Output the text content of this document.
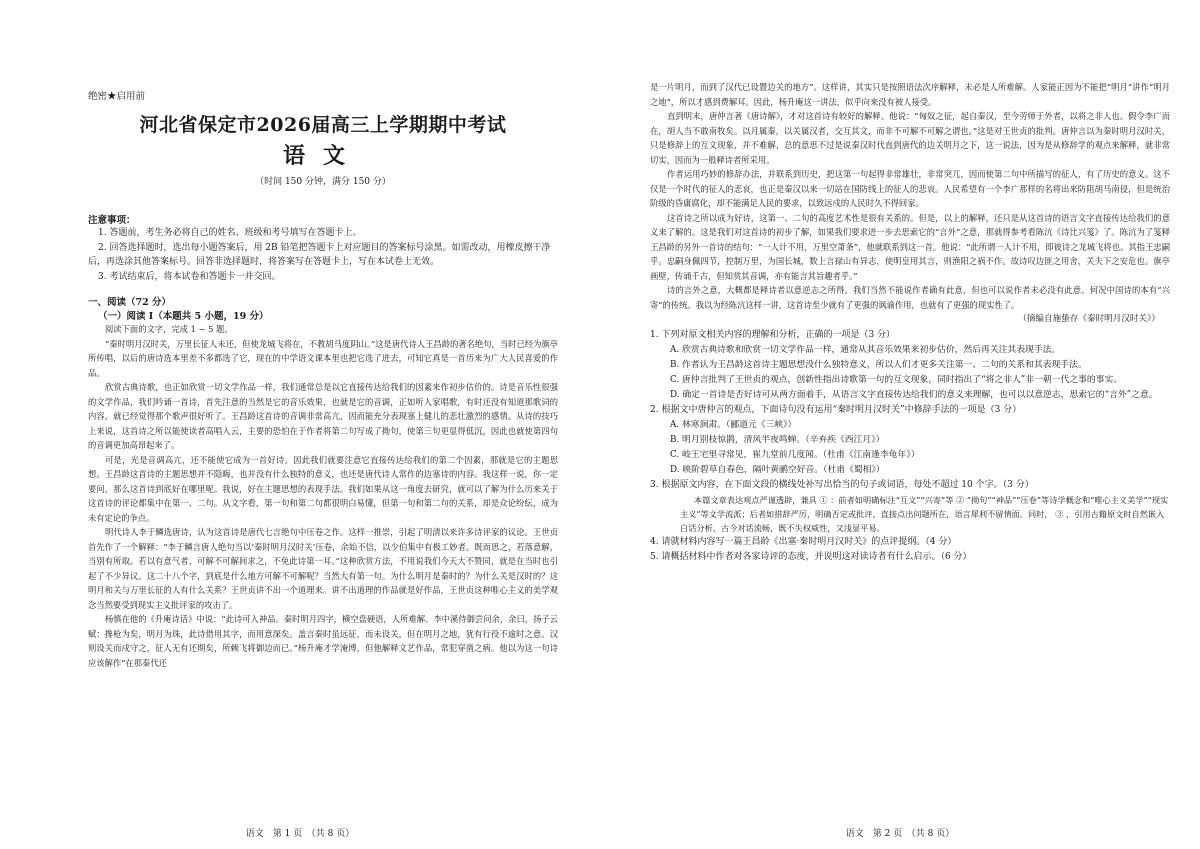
绝密★启用前

河北省保定市2026届高三上学期期中考试

语文

（时间 150 分钟，满分 150 分）

注意事项：

1. 答题前，考生务必将自己的姓名、班级和考号填写在答题卡上。

2. 回答选择题时，选出每小题答案后，用 2B 铅笔把答题卡上对应题目的答案标号涂黑。如需改动，用橡皮擦干净后，再选涂其他答案标号。回答非选择题时，将答案写在答题卡上，写在本试卷上无效。

3. 考试结束后，将本试卷和答题卡一并交回。

一、阅读（72 分）

（一）阅读 I（本题共 5 小题，19 分）

阅读下面的文字，完成 1 ~ 5 题。

“秦时明月汉时关，万里长征人未还，但使龙城飞将在，不教胡马度阴山。”这是唐代诗人王昌龄的著名绝句，当时已经为旗亭所传唱，以后的唐诗选本里差不多都选了它，现在的中学语文课本里也把它选了进去，可知它真是一首历来为广大人民喜爱的作品。

欣赏古典诗歌，也正如欣赏一切文学作品一样，我们通常总是以它直接传达给我们的因素来作初步估价的。诗是音乐性很强的文学作品，我们吟诵一首诗，首先注意的当然是它的音乐效果，也就是它的音调，正如听人家唱歌，有时还没有知道那歌词的内容，就已经觉得那个歌声很好听了。王昌龄这首诗的音调非常高亢，因而能充分表现塞上健儿的悲壮激烈的感情。从诗的技巧上来说，这首诗之所以能使读者高唱入云，主要的恐怕在于作者将第二句写成了拗句，使第三句更显得低沉，因此也就使第四句的音调更加高昂起来了。

可是，光是音调高亢，还不能使它成为一首好诗。因此我们就要注意它直接传达给我们的第二个因素，那就是它的主题思想。王昌龄这首诗的主题思想并不隐晦，也并没有什么独特的意义，也还是唐代诗人常作的边塞诗的内容。我这样一说，你一定要问，那么这首诗到底好在哪里呢。我说，好在主题思想的表现手法。我们如果从这一角度去研究，就可以了解为什么历来关于这首诗的评论都集中在第一、二句。从文字看，第一句和第二句都很明白易懂，但第一句和第二句的关系，却是众论纷纭，成为未有定论的争点。

明代诗人李于鳞选唐诗，认为这首诗是唐代七言绝句中压卷之作。这样一推崇，引起了明清以来许多诗评家的议论。王世贞首先作了一个解释：“李于鳞言唐人绝句当以‘秦时明月汉时关’压卷，余始不信，以少伯集中有极工妙者。既而思之，若落意解，当别有所取。若以有意气者，可解不可解间求之，不免此诗第一耳。”这种欣赏方法，不用说我们今天大不赞同，就是在当时也引起了不少异议。这二十八个字，到底是什么地方可解不可解呢？当然大有第一句。为什么明月是秦时的？为什么关是汉时的？这明月和关与万里长征的人有什么关系？王世贞讲不出一个道理来。讲不出道理的作品就是好作品，王世贞这种唯心主义的美学观念当然要受到现实主义批评家的攻击了。

杨慎在他的《升庵诗话》中说：“此诗可入神品。秦时明月四字，横空盘硬语，人所难解。李中溪侍御尝问余，余曰，扬子云赋：搀枪为矣，明月为珠，此诗借用其字，而用意深矣。盖言秦时虽远征，而未设关，但在明月之地，犹有行役不逾时之意。汉则设关而戍守之，征人无有还期矣，所赖飞将御边而已。”杨升庵才学淹博，但他解释文艺作品，常犯穿凿之病。他以为这一句诗应该解作“在那秦代还

语文　第 1 页　（共 8 页）

是一片明月，而到了汉代已设置边关的地方”。这样讲，其实只是按照语法次序解释，未必是人所难解。人家能正因为不能把“明月”讲作“明月之地”，所以才感到费解耳。因此，杨升庵这一讲法，似乎向来没有被人接受。

直到明末，唐仲言著《唐诗解》，才对这首诗有较好的解释。他说：“匈奴之征，起自秦汉，至今劳师于外者，以将之非人也。假令李广而在，胡人当不敢南牧矣。以月属秦，以关属汉者，交互其文，而非不可解不可解之谓也。”这是对王世贞的批判。唐仲言以为秦时明月汉时关，只是修辞上的互文现象，并不难解，总的意思不过是说秦汉时代直到唐代的边关明月之下，这一说法，因为是从修辞学的观点来解释，就非常切实，因而为一般释诗者所采用。

作者运用巧妙的修辞办法，并联系到历史，把这第一句起得非常雄壮，非常突兀，因而使第二句中所描写的征人，有了历史的意义。这不仅是一个时代的征人的悲哀，也正是秦汉以来一切站在国防线上的征人的悲哀。人民希望有一个李广那样的名将出来防阻胡马南侵，但是统治阶级的昏庸腐化，却不能满足人民的要求，以致远戍的人民时久不得回家。

这首诗之所以成为好诗，这第一、二句的高度艺术性是很有关系的。但是，以上的解释，还只是从这首诗的语言文字直接传达给我们的意义来了解的。这是我们对这首诗的初步了解，如果我们要求进一步去思索它的“言外”之意，那就得参考看陈沆《诗比兴笺》了。陈沆为了笺释王昌龄的另外一首诗的结句：“一人计不用，万里空萧条”，他就联系到这一首。他说：“此所谓一人计不用，即彼诗之龙城飞将也。其指王忠嗣乎。忠嗣身佩四节，控制万里，为国长城，数上言禄山有异志，使明皇用其言，则渔阳之祸不作。故诗叹边匪之用舍，关夫下之安危也。旗亭画壁，传诵千古，但知赏其音调，亦有能言其旨趣者乎。”

诗的言外之意，大概都是释诗者以意逆志之所得。我们当然不能说作者确有此意，但也可以说作者未必没有此意。何况中国诗的本有“兴寄”的传统。我以为经陈沆这样一讲，这首诗至少就有了更强的讽谕作用，也就有了更强的现实性了。

（摘编自施蛰存《秦时明月汉时关》）

1. 下列对原文相关内容的理解和分析，正确的一项是（3 分）

A. 欣赏古典诗歌和欣赏一切文学作品一样，通常从其音乐效果来初步估价，然后再关注其表现手法。

B. 作者认为王昌龄这首诗主题思想没什么独特意义，所以人们才更多关注第一、二句的关系和其表现手法。

C. 唐仲言批判了王世贞的观点，创新性指出诗歌第一句的互文现象，同时指出了“将之非人”非一朝一代之事的事实。

D. 确定一首诗是否好诗可从两方面着手，从语言文字直接传达给我们的意义来理解，也可以以意逆志，思索它的“言外”之意。

2. 根据文中唐仲言的观点，下面诗句没有运用“秦时明月汉时关”中修辞手法的一项是（3 分）

A. 林寒涧肃。（郦道元《三峡》）

B. 明月别枝惊鹊，清风半夜鸣蝉。（辛弃疾《西江月》）

C. 岐王宅里寻常见，崔九堂前几度闻。（杜甫《江南逢李龟年》）

D. 映阶碧草自春色，隔叶黄鹂空好音。（杜甫《蜀相》）

3. 根据原文内容，在下面文段的横线处补写出恰当的句子或词语，每处不超过 10 个字。（3 分）

本篇文章表达观点严谨透辟，兼具 ① ：前者如明确标注“互文”“兴寄”等 ② “拗句”“神品”“压卷”等诗学概念和“唯心主义美学”“现实主义”等文学流派；后者如措辞严厉，明确否定或批评，直接点出问题所在，语言犀利不留情面。同时， ③ ，引用古籍原文时自然嵌入白话分析，古今对话流畅，既不失权威性，又浅显平易。

4. 请就材料内容写一篇王昌龄《出塞·秦时明月汉时关》的点评提纲。（4 分）

5. 请概括材料中作者对各家诗评的态度，并说明这对读诗者有什么启示。（6 分）

语文　第 2 页　（共 8 页）
